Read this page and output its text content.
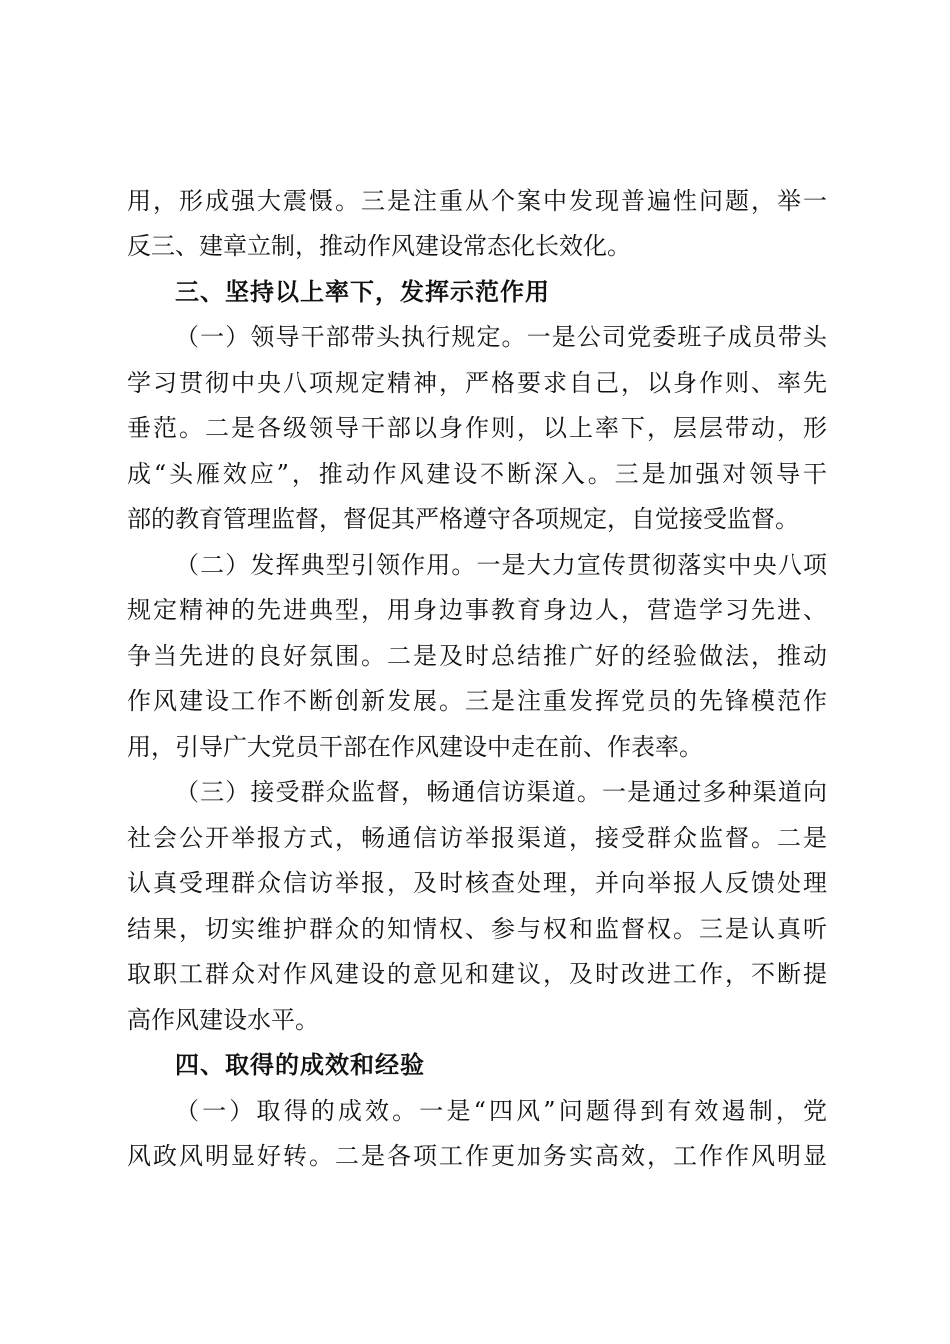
用，形成强大震慑。三是注重从个案中发现普遍性问题，举一
反三、建章立制，推动作风建设常态化长效化。
三、坚持以上率下，发挥示范作用
（一）领导干部带头执行规定。一是公司党委班子成员带头
学习贯彻中央八项规定精神，严格要求自己，以身作则、率先
垂范。二是各级领导干部以身作则，以上率下，层层带动，形
成“头雁效应”，推动作风建设不断深入。三是加强对领导干
部的教育管理监督，督促其严格遵守各项规定，自觉接受监督。
（二）发挥典型引领作用。一是大力宣传贯彻落实中央八项
规定精神的先进典型，用身边事教育身边人，营造学习先进、
争当先进的良好氛围。二是及时总结推广好的经验做法，推动
作风建设工作不断创新发展。三是注重发挥党员的先锋模范作
用，引导广大党员干部在作风建设中走在前、作表率。
（三）接受群众监督，畅通信访渠道。一是通过多种渠道向
社会公开举报方式，畅通信访举报渠道，接受群众监督。二是
认真受理群众信访举报，及时核查处理，并向举报人反馈处理
结果，切实维护群众的知情权、参与权和监督权。三是认真听
取职工群众对作风建设的意见和建议，及时改进工作，不断提
高作风建设水平。
四、取得的成效和经验
（一）取得的成效。一是“四风”问题得到有效遏制，党
风政风明显好转。二是各项工作更加务实高效，工作作风明显
